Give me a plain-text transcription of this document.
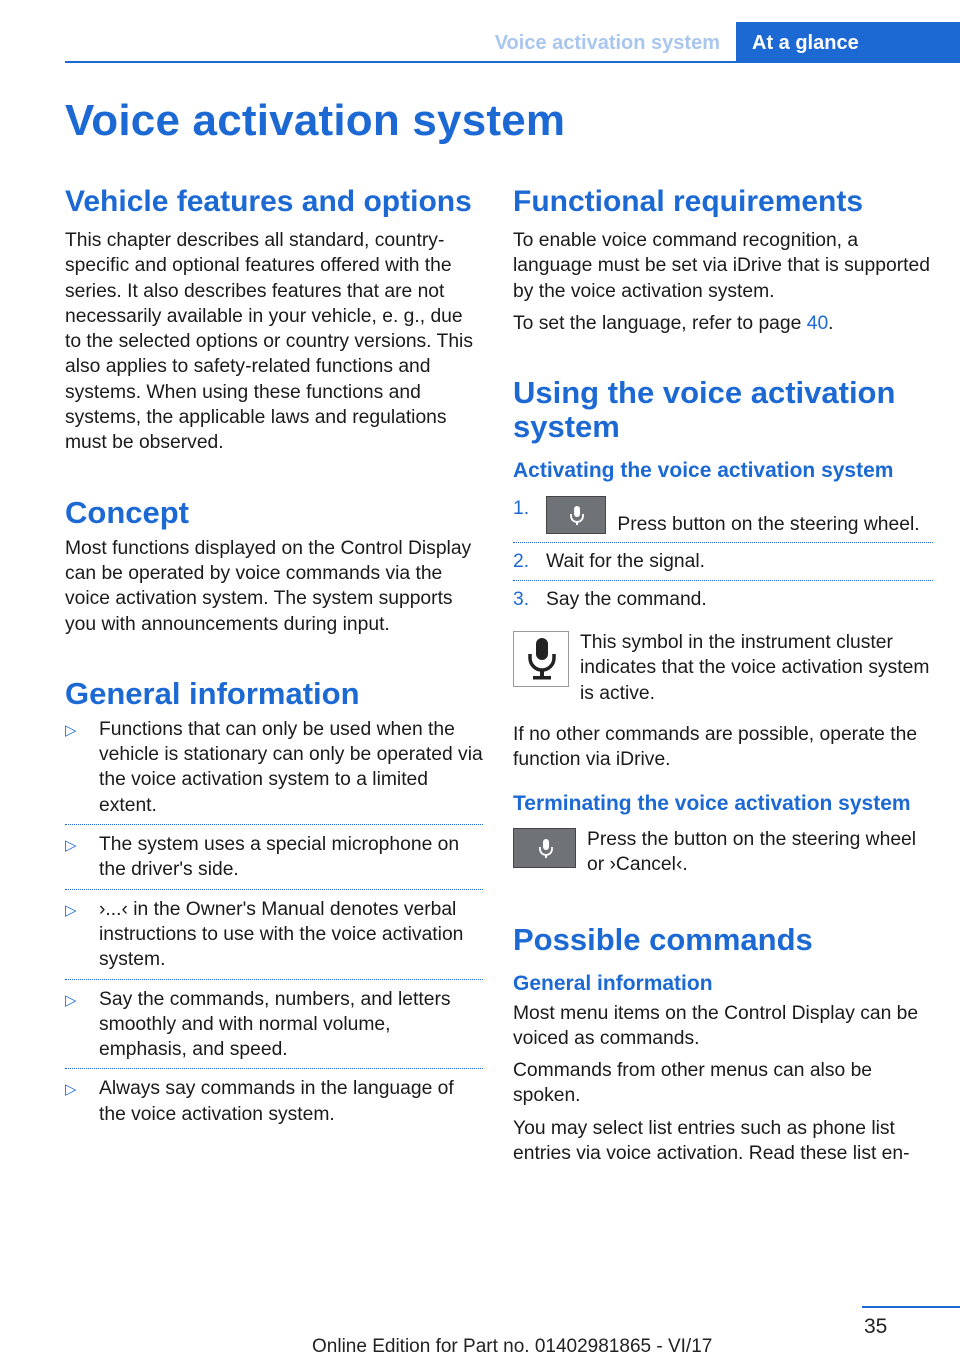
Voice activation system	At a glance
Voice activation system
Vehicle features and options

This chapter describes all standard, country-specific and optional features offered with the series. It also describes features that are not necessarily available in your vehicle, e. g., due to the selected options or country versions. This also applies to safety-related functions and systems. When using these functions and systems, the applicable laws and regulations must be observed.

Concept

Most functions displayed on the Control Display can be operated by voice commands via the voice activation system. The system supports you with announcements during input.

General information
▷ Functions that can only be used when the vehicle is stationary can only be operated via the voice activation system to a limited extent.
▷ The system uses a special microphone on the driver's side.
▷ ›...‹ in the Owner's Manual denotes verbal instructions to use with the voice activation system.
▷ Say the commands, numbers, and letters smoothly and with normal volume, emphasis, and speed.
▷ Always say commands in the language of the voice activation system.
Functional requirements

To enable voice command recognition, a language must be set via iDrive that is supported by the voice activation system.

To set the language, refer to page 40.

Using the voice activation system
Activating the voice activation system
1.
Press button on the steering wheel.
2. Wait for the signal.
3. Say the command.
This symbol in the instrument cluster indicates that the voice activation system is active.

If no other commands are possible, operate the function via iDrive.

Terminating the voice activation system
Press the button on the steering wheel or ›Cancel‹.
Possible commands
General information

Most menu items on the Control Display can be voiced as commands.

Commands from other menus can also be spoken.

You may select list entries such as phone list entries via voice activation. Read these list en-

35
Online Edition for Part no. 01402981865 - VI/17
